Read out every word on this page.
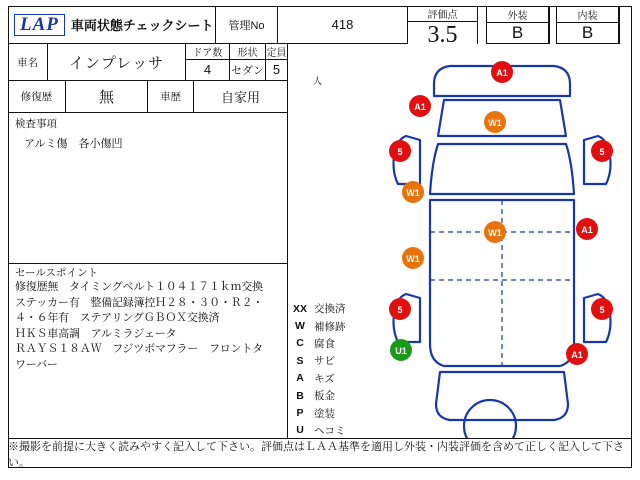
LAP 車両状態チェックシート	管理No	418
評価点
3.5
外装
B
内装
B
ドア数	形状 定員
車名	インプレッサ	4	セダン 5
修復歴	無	車歴	自家用
検査事項
アルミ傷　各小傷凹
セールスポイント
修復歴無　タイミングベルト１０４１７１ｋｍ交換
ステッカー有　整備記録簿控Ｈ２８・３０・Ｒ２・
４・６年有　ステアリングＧＢＯＸ交換済
ＨＫＳ車高調　アルミラジェータ
ＲＡＹＳ１８ＡＷ　フジツボマフラー　フロントタ
ワーバー
人
XX 交換済
W 補修跡
C 腐食
S	サビ
A キズ
B 板金
P	塗装
U ヘコミ
A1
A1
W1
5	5
W1
A1
W1
W1
5	5
U1	A1
※撮影を前提に大きく読みやすく記入して下さい。評価点はＬＡＡ基準を適用し外装・内装評価を含めて正しく記入して下さい。
